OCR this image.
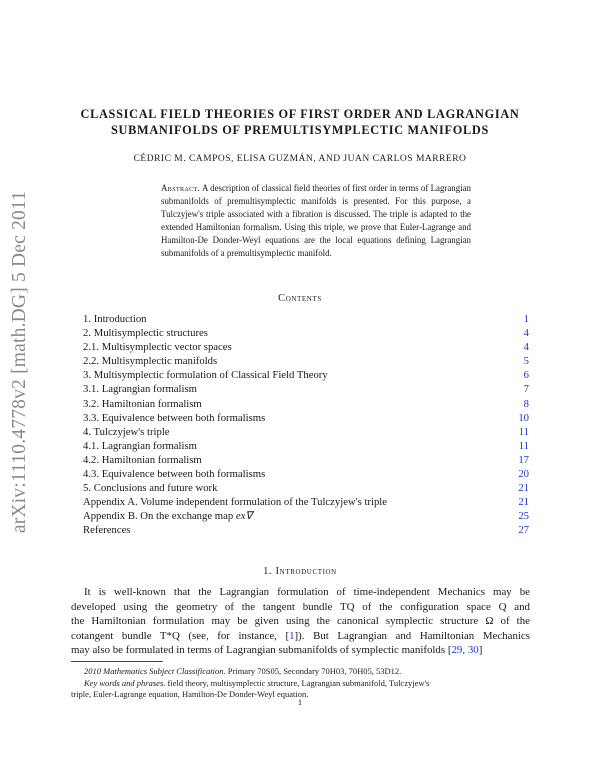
arXiv:1110.4778v2 [math.DG] 5 Dec 2011
CLASSICAL FIELD THEORIES OF FIRST ORDER AND LAGRANGIAN
SUBMANIFOLDS OF PREMULTISYMPLECTIC MANIFOLDS
CÉDRIC M. CAMPOS, ELISA GUZMÁN, AND JUAN CARLOS MARRERO
Abstract. A description of classical field theories of first order in terms of Lagrangian submanifolds of premultisymplectic manifolds is presented. For this purpose, a Tulczyjew's triple associated with a fibration is discussed. The triple is adapted to the extended Hamiltonian formalism. Using this triple, we prove that Euler-Lagrange and Hamilton-De Donder-Weyl equations are the local equations defining Lagrangian submanifolds of a premultisymplectic manifold.
Contents
1. Introduction	1
2. Multisymplectic structures	4
2.1. Multisymplectic vector spaces	4
2.2. Multisymplectic manifolds	5
3. Multisymplectic formulation of Classical Field Theory	6
3.1. Lagrangian formalism	7
3.2. Hamiltonian formalism	8
3.3. Equivalence between both formalisms	10
4. Tulczyjew's triple	11
4.1. Lagrangian formalism	11
4.2. Hamiltonian formalism	17
4.3. Equivalence between both formalisms	20
5. Conclusions and future work	21
Appendix A. Volume independent formulation of the Tulczyjew's triple	21
Appendix B. On the exchange map ex∇	25
References	27
1. Introduction
It is well-known that the Lagrangian formulation of time-independent Mechanics may be
developed using the geometry of the tangent bundle TQ of the configuration space Q and
the Hamiltonian formulation may be given using the canonical symplectic structure Ω of the
cotangent bundle T*Q (see, for instance, [1]). But Lagrangian and Hamiltonian Mechanics
may also be formulated in terms of Lagrangian submanifolds of symplectic manifolds [29, 30]
2010 Mathematics Subject Classification. Primary 70S05, Secondary 70H03, 70H05, 53D12.
Key words and phrases. field theory, multisymplectic structure, Lagrangian submanifold, Tulczyjew's
triple, Euler-Lagrange equation, Hamilton-De Donder-Weyl equation.
1
